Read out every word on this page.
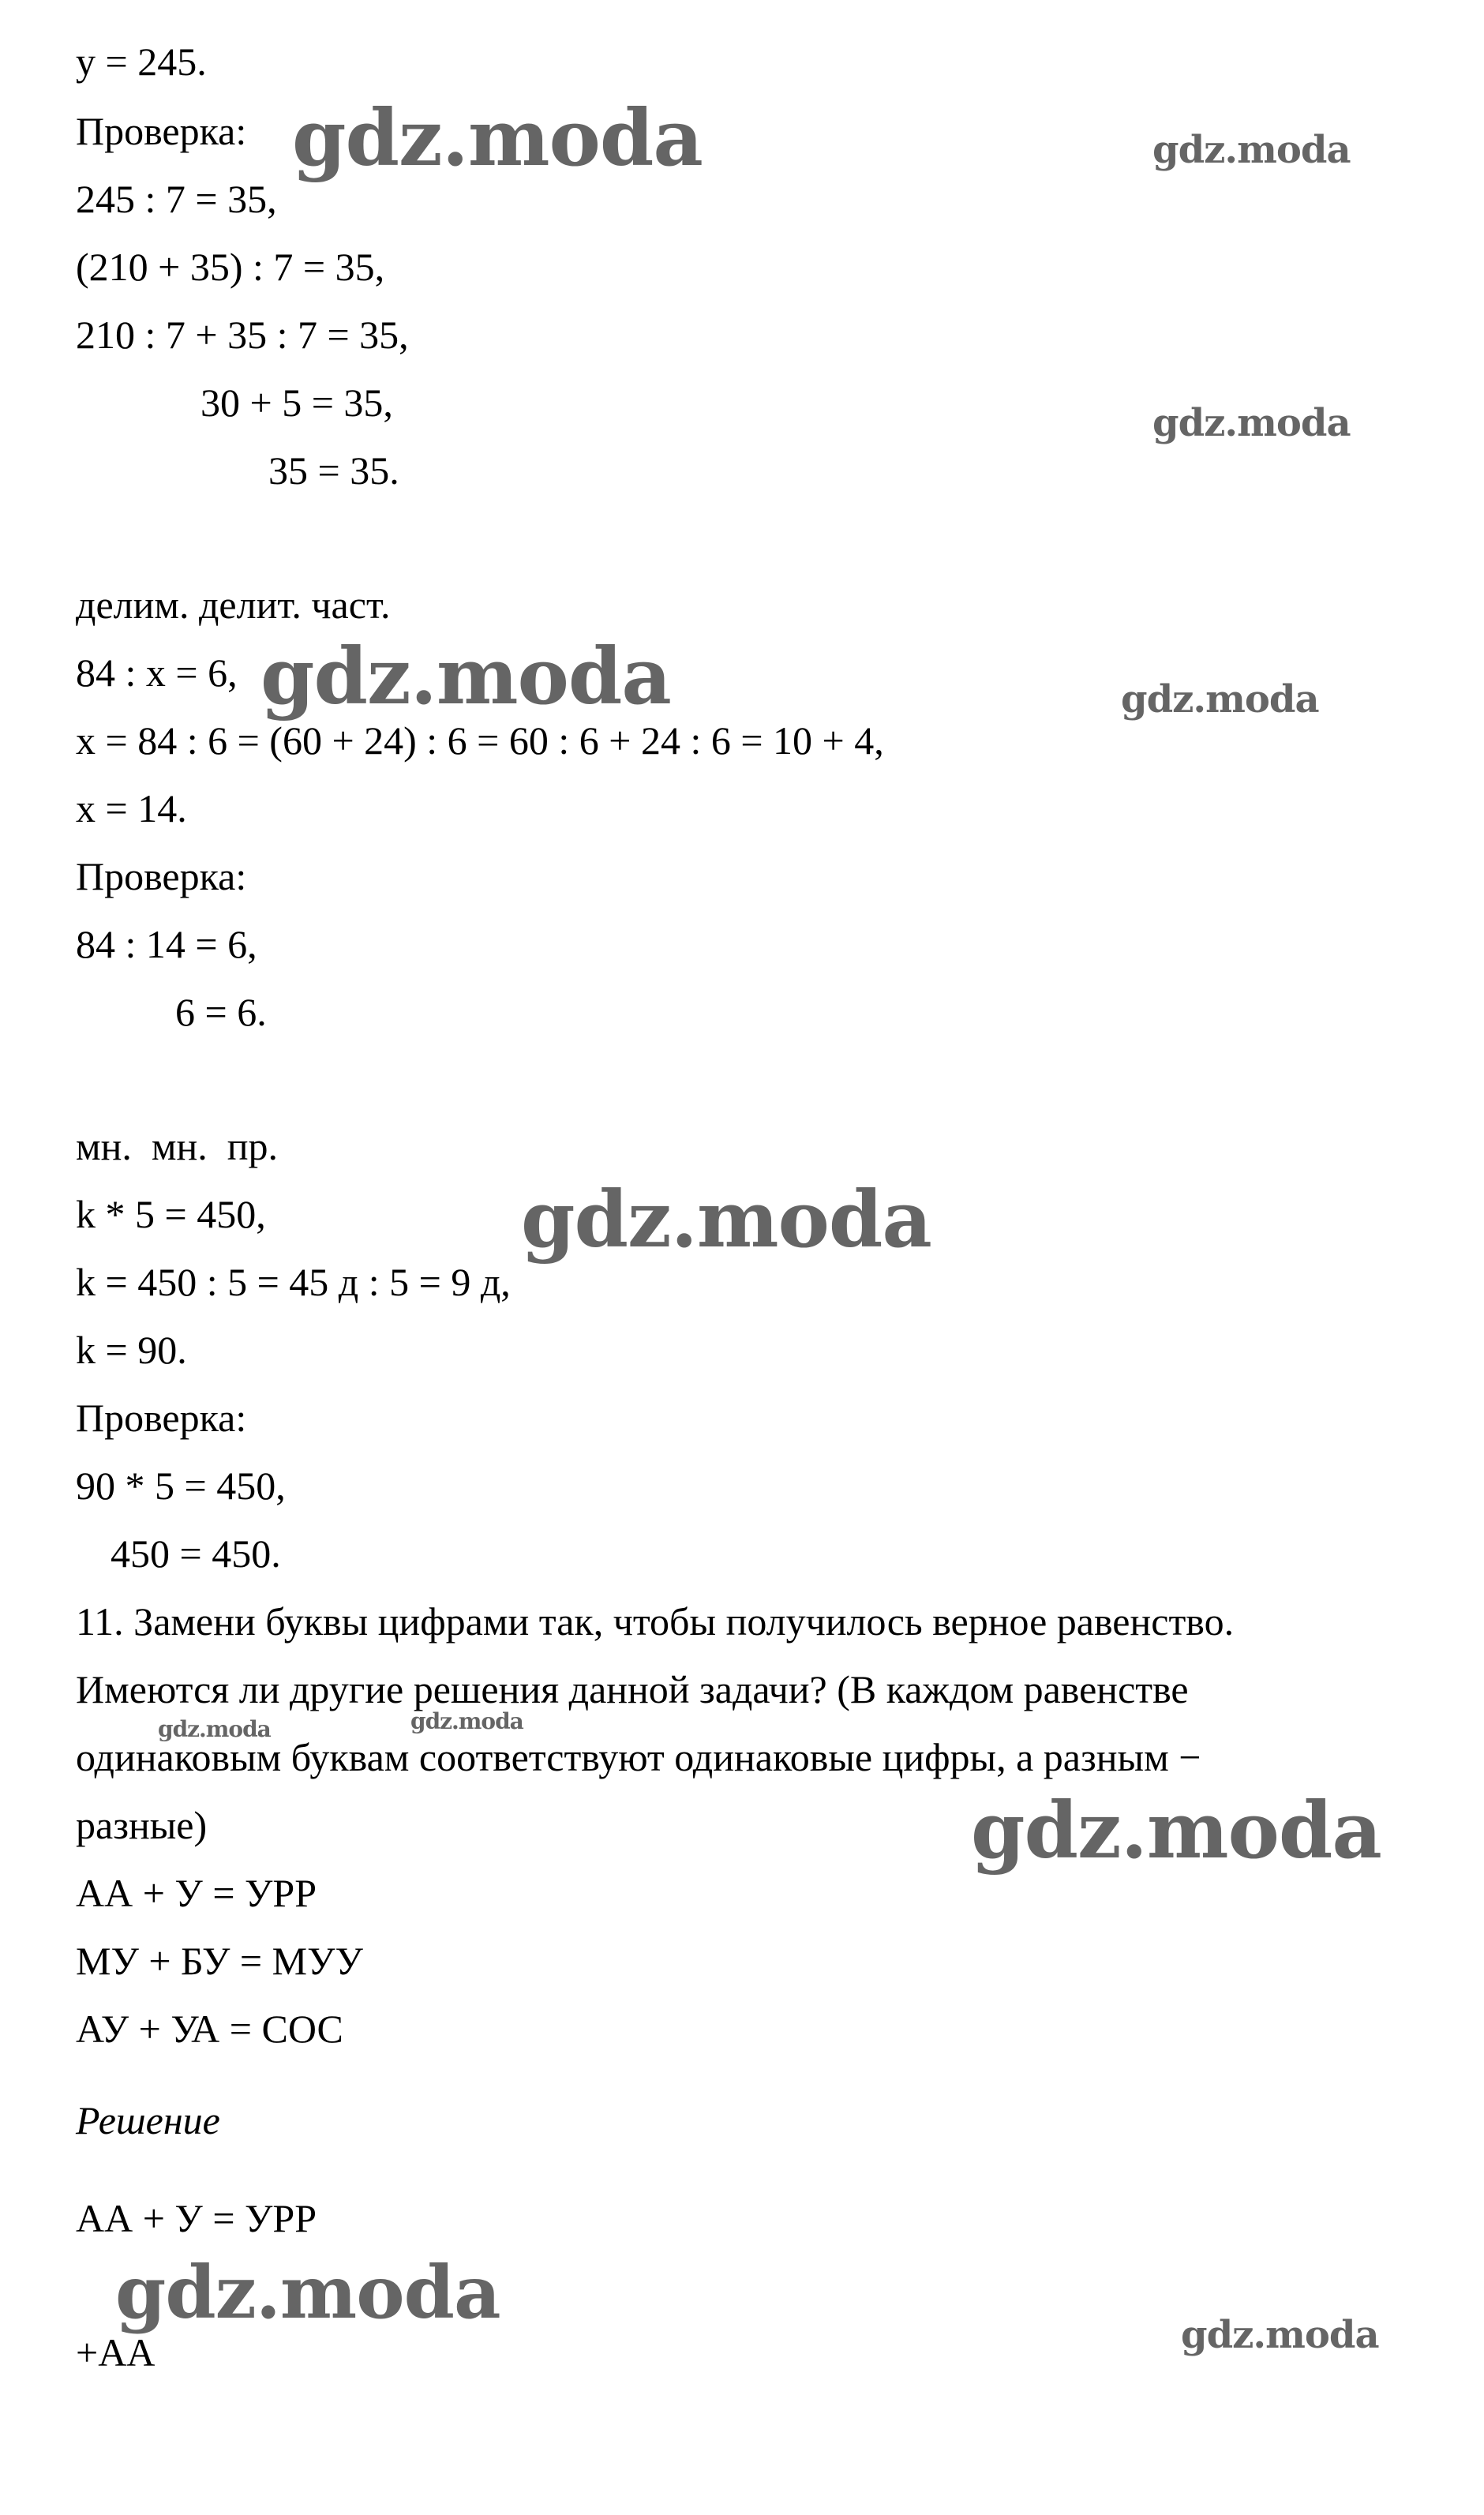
y = 245.

Проверка:

245 : 7 = 35,

(210 + 35) : 7 = 35,

210 : 7 + 35 : 7 = 35,

30 + 5 = 35,

35 = 35.

делим. делит. част.

84 : x = 6,

x = 84 : 6 = (60 + 24) : 6 = 60 : 6 + 24 : 6 = 10 + 4,

x = 14.

Проверка:

84 : 14 = 6,

6 = 6.

мн.  мн.  пр.

k * 5 = 450,

k = 450 : 5 = 45 д : 5 = 9 д,

k = 90.

Проверка:

90 * 5 = 450,

450 = 450.

11. Замени буквы цифрами так, чтобы получилось верное равенство.

Имеются ли другие решения данной задачи? (В каждом равенстве

одинаковым буквам соответствуют одинаковые цифры, а разным −

разные)

АА + У = УРР

МУ + БУ = МУУ

АУ + УА = СОС

Решение

АА + У = УРР

+АА

gdz.moda	gdz.moda
gdz.moda
gdz.moda	gdz.moda
gdz.moda
gdz.moda	gdz.moda
gdz.moda
gdz.moda	gdz.moda
